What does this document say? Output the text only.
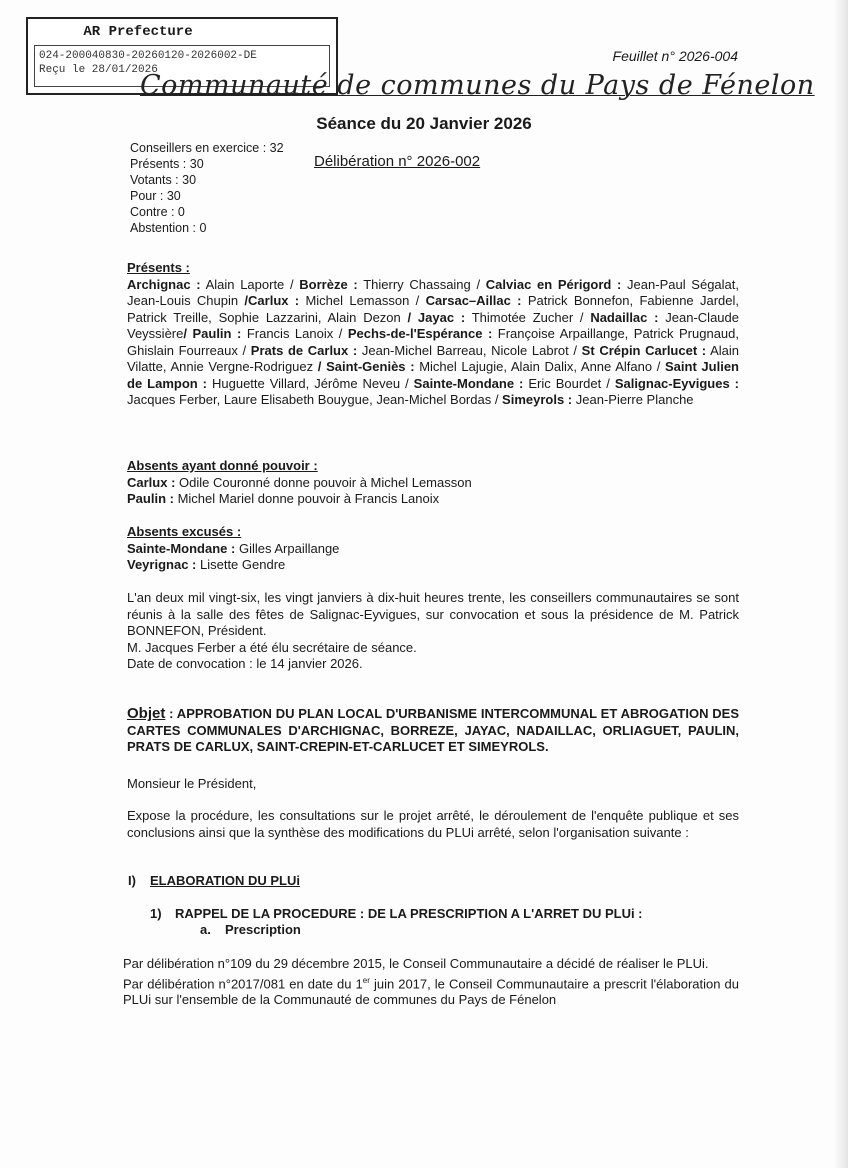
AR Prefecture
024-200040830-20260120-2026002-DE
Reçu le 28/01/2026
Feuillet n° 2026-004
Communauté de communes du Pays de Fénelon
Séance du 20 Janvier 2026
Conseillers en exercice : 32
Présents : 30
Votants : 30
Pour : 30
Contre : 0
Abstention : 0
Délibération n° 2026-002
Présents :
Archignac : Alain Laporte / Borrèze : Thierry Chassaing / Calviac en Périgord : Jean-Paul Ségalat, Jean-Louis Chupin /Carlux : Michel Lemasson / Carsac–Aillac : Patrick Bonnefon, Fabienne Jardel, Patrick Treille, Sophie Lazzarini, Alain Dezon / Jayac : Thimotée Zucher / Nadaillac : Jean-Claude Veyssière/ Paulin : Francis Lanoix / Pechs-de-l'Espérance : Françoise Arpaillange, Patrick Prugnaud, Ghislain Fourreaux / Prats de Carlux : Jean-Michel Barreau, Nicole Labrot / St Crépin Carlucet : Alain Vilatte, Annie Vergne-Rodriguez / Saint-Geniès : Michel Lajugie, Alain Dalix, Anne Alfano / Saint Julien de Lampon : Huguette Villard, Jérôme Neveu / Sainte-Mondane : Eric Bourdet / Salignac-Eyvigues : Jacques Ferber, Laure Elisabeth Bouygue, Jean-Michel Bordas / Simeyrols : Jean-Pierre Planche
Absents ayant donné pouvoir :
Carlux : Odile Couronné donne pouvoir à Michel Lemasson
Paulin : Michel Mariel donne pouvoir à Francis Lanoix
Absents excusés :
Sainte-Mondane : Gilles Arpaillange
Veyrignac : Lisette Gendre
L'an deux mil vingt-six, les vingt janviers à dix-huit heures trente, les conseillers communautaires se sont réunis à la salle des fêtes de Salignac-Eyvigues, sur convocation et sous la présidence de M. Patrick BONNEFON, Président.
M. Jacques Ferber a été élu secrétaire de séance.
Date de convocation : le 14 janvier 2026.
Objet : APPROBATION DU PLAN LOCAL D'URBANISME INTERCOMMUNAL ET ABROGATION DES CARTES COMMUNALES D'ARCHIGNAC, BORREZE, JAYAC, NADAILLAC, ORLIAGUET, PAULIN, PRATS DE CARLUX, SAINT-CREPIN-ET-CARLUCET ET SIMEYROLS.
Monsieur le Président,
Expose la procédure, les consultations sur le projet arrêté, le déroulement de l'enquête publique et ses conclusions ainsi que la synthèse des modifications du PLUi arrêté, selon l'organisation suivante :
I) ELABORATION DU PLUi
1) RAPPEL DE LA PROCEDURE : DE LA PRESCRIPTION A L'ARRET DU PLUi :
a. Prescription
Par délibération n°109 du 29 décembre 2015, le Conseil Communautaire a décidé de réaliser le PLUi.
Par délibération n°2017/081 en date du 1er juin 2017, le Conseil Communautaire a prescrit l'élaboration du PLUi sur l'ensemble de la Communauté de communes du Pays de Fénelon
